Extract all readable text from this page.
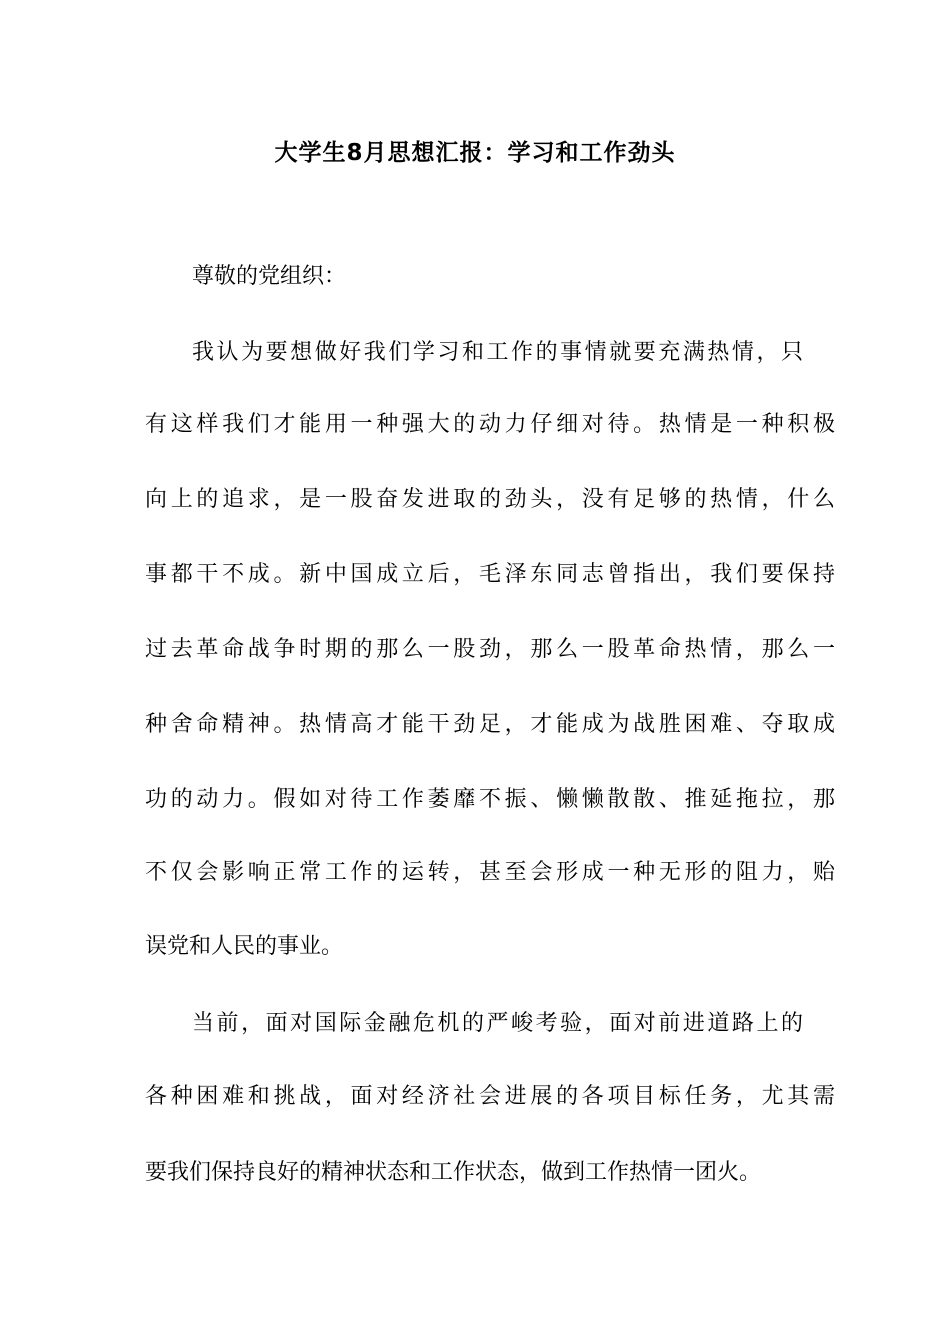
大学生8月思想汇报：学习和工作劲头

尊敬的党组织：

我认为要想做好我们学习和工作的事情就要充满热情，只

有这样我们才能用一种强大的动力仔细对待。热情是一种积极

向上的追求，是一股奋发进取的劲头，没有足够的热情，什么

事都干不成。新中国成立后，毛泽东同志曾指出，我们要保持

过去革命战争时期的那么一股劲，那么一股革命热情，那么一

种舍命精神。热情高才能干劲足，才能成为战胜困难、夺取成

功的动力。假如对待工作萎靡不振、懒懒散散、推延拖拉，那

不仅会影响正常工作的运转，甚至会形成一种无形的阻力，贻

误党和人民的事业。

当前，面对国际金融危机的严峻考验，面对前进道路上的

各种困难和挑战，面对经济社会进展的各项目标任务，尤其需

要我们保持良好的精神状态和工作状态，做到工作热情一团火。
